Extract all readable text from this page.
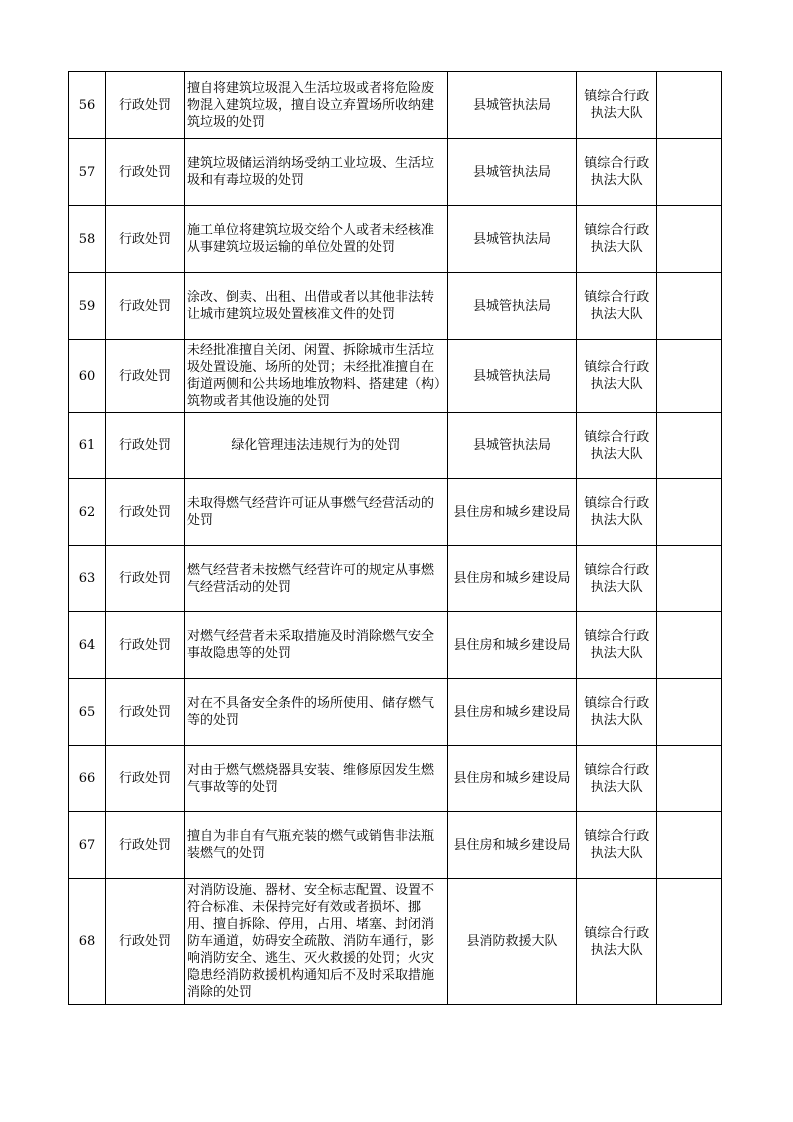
56	行政处罚	擅自将建筑垃圾混入生活垃圾或者将危险废物混入建筑垃圾，擅自设立弃置场所收纳建筑垃圾的处罚	县城管执法局	镇综合行政执法大队	
57	行政处罚	建筑垃圾储运消纳场受纳工业垃圾、生活垃圾和有毒垃圾的处罚	县城管执法局	镇综合行政执法大队	
58	行政处罚	施工单位将建筑垃圾交给个人或者未经核准从事建筑垃圾运输的单位处置的处罚	县城管执法局	镇综合行政执法大队	
59	行政处罚	涂改、倒卖、出租、出借或者以其他非法转让城市建筑垃圾处置核准文件的处罚	县城管执法局	镇综合行政执法大队	
60	行政处罚	未经批准擅自关闭、闲置、拆除城市生活垃圾处置设施、场所的处罚；未经批准擅自在街道两侧和公共场地堆放物料、搭建建（构）筑物或者其他设施的处罚	县城管执法局	镇综合行政执法大队	
61	行政处罚	绿化管理违法违规行为的处罚	县城管执法局	镇综合行政执法大队	
62	行政处罚	未取得燃气经营许可证从事燃气经营活动的处罚	县住房和城乡建设局	镇综合行政执法大队	
63	行政处罚	燃气经营者未按燃气经营许可的规定从事燃气经营活动的处罚	县住房和城乡建设局	镇综合行政执法大队	
64	行政处罚	对燃气经营者未采取措施及时消除燃气安全事故隐患等的处罚	县住房和城乡建设局	镇综合行政执法大队	
65	行政处罚	对在不具备安全条件的场所使用、储存燃气等的处罚	县住房和城乡建设局	镇综合行政执法大队	
66	行政处罚	对由于燃气燃烧器具安装、维修原因发生燃气事故等的处罚	县住房和城乡建设局	镇综合行政执法大队	
67	行政处罚	擅自为非自有气瓶充装的燃气或销售非法瓶装燃气的处罚	县住房和城乡建设局	镇综合行政执法大队	
68	行政处罚	对消防设施、器材、安全标志配置、设置不符合标准、未保持完好有效或者损坏、挪用、擅自拆除、停用，占用、堵塞、封闭消防车通道，妨碍安全疏散、消防车通行，影响消防安全、逃生、灭火救援的处罚；火灾隐患经消防救援机构通知后不及时采取措施消除的处罚	县消防救援大队	镇综合行政执法大队	
